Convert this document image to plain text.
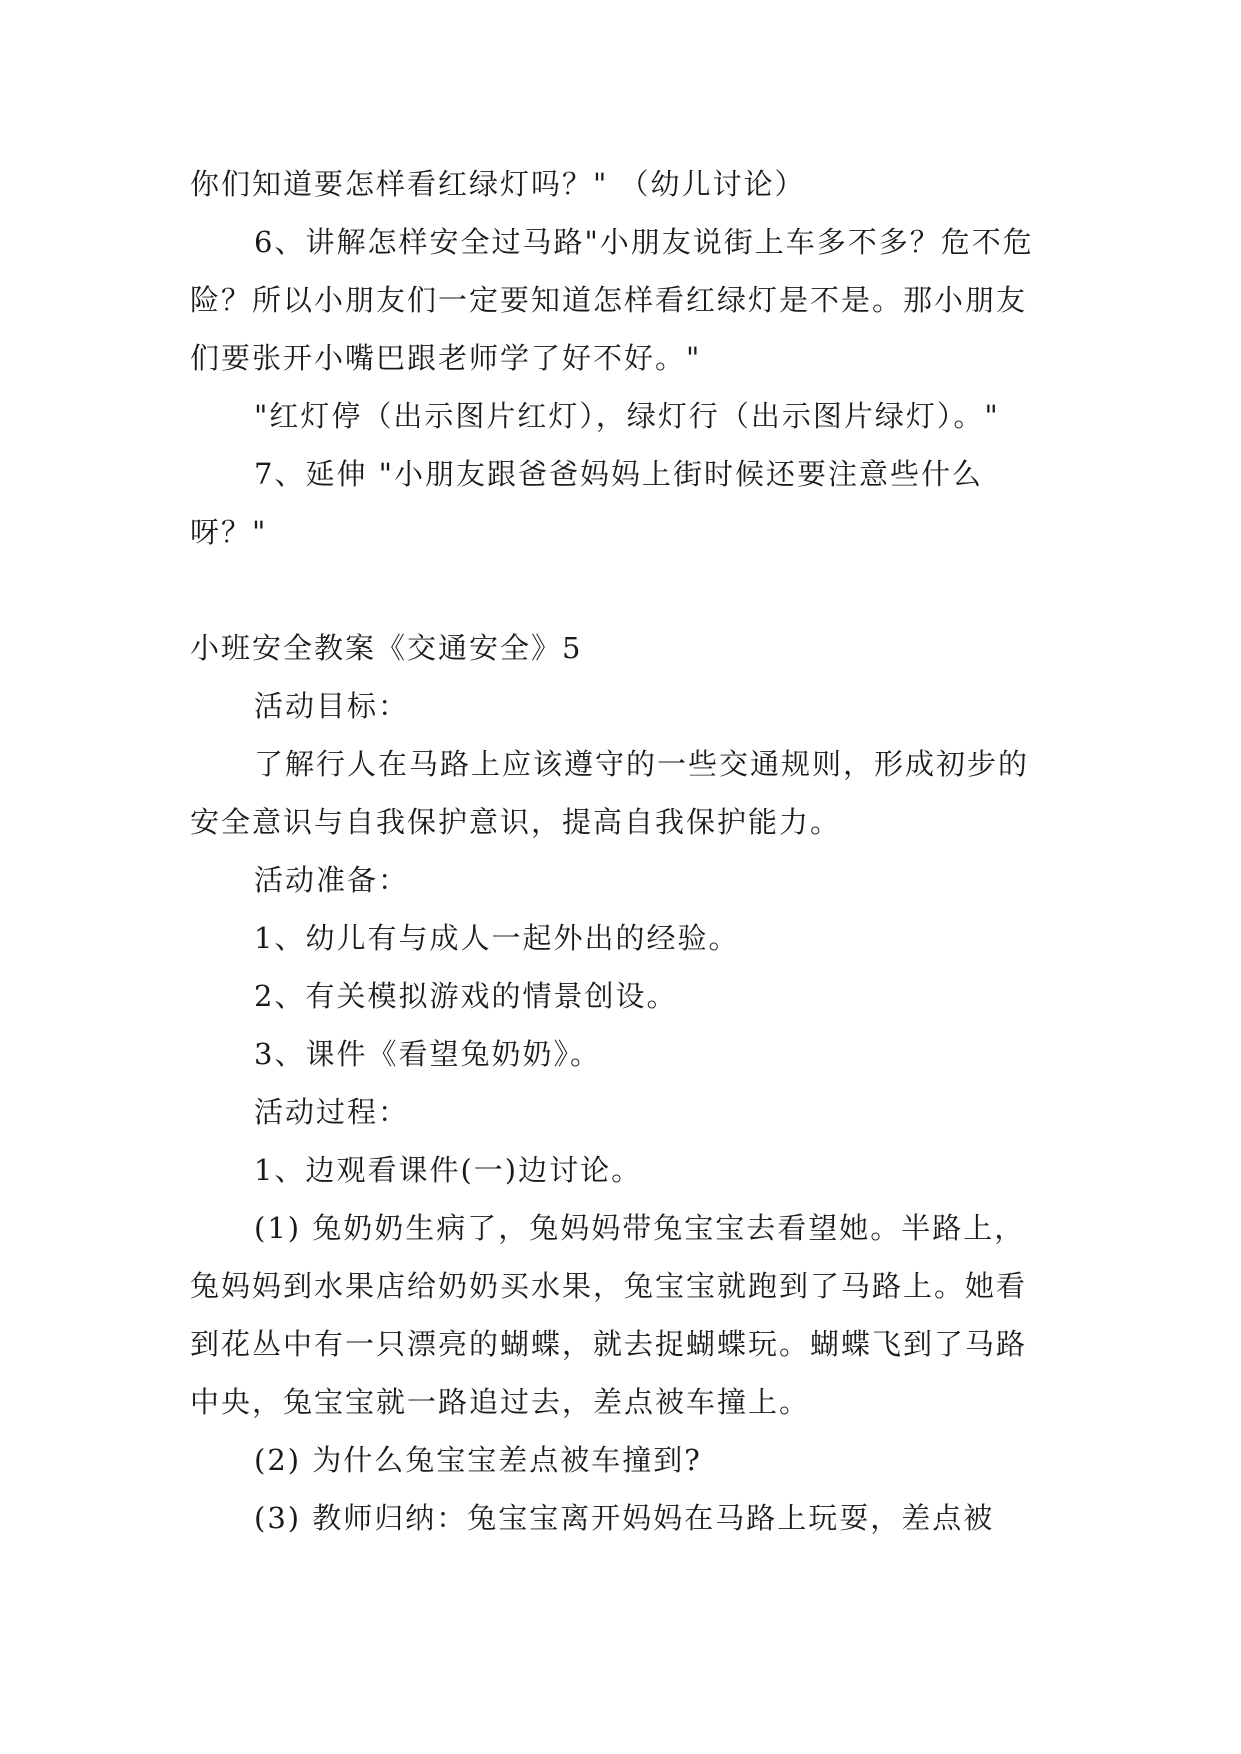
你们知道要怎样看红绿灯吗？" （幼儿讨论）

6、讲解怎样安全过马路"小朋友说街上车多不多？危不危险？所以小朋友们一定要知道怎样看红绿灯是不是。那小朋友们要张开小嘴巴跟老师学了好不好。"

"红灯停（出示图片红灯），绿灯行（出示图片绿灯）。"

7、延伸 "小朋友跟爸爸妈妈上街时候还要注意些什么呀？"

小班安全教案《交通安全》5

活动目标：

了解行人在马路上应该遵守的一些交通规则，形成初步的安全意识与自我保护意识，提高自我保护能力。

活动准备：

1、幼儿有与成人一起外出的经验。

2、有关模拟游戏的情景创设。

3、课件《看望兔奶奶》。

活动过程：

1、边观看课件(一)边讨论。

(1) 兔奶奶生病了，兔妈妈带兔宝宝去看望她。半路上，兔妈妈到水果店给奶奶买水果，兔宝宝就跑到了马路上。她看到花丛中有一只漂亮的蝴蝶，就去捉蝴蝶玩。蝴蝶飞到了马路中央，兔宝宝就一路追过去，差点被车撞上。

(2) 为什么兔宝宝差点被车撞到?

(3) 教师归纳：兔宝宝离开妈妈在马路上玩耍，差点被
